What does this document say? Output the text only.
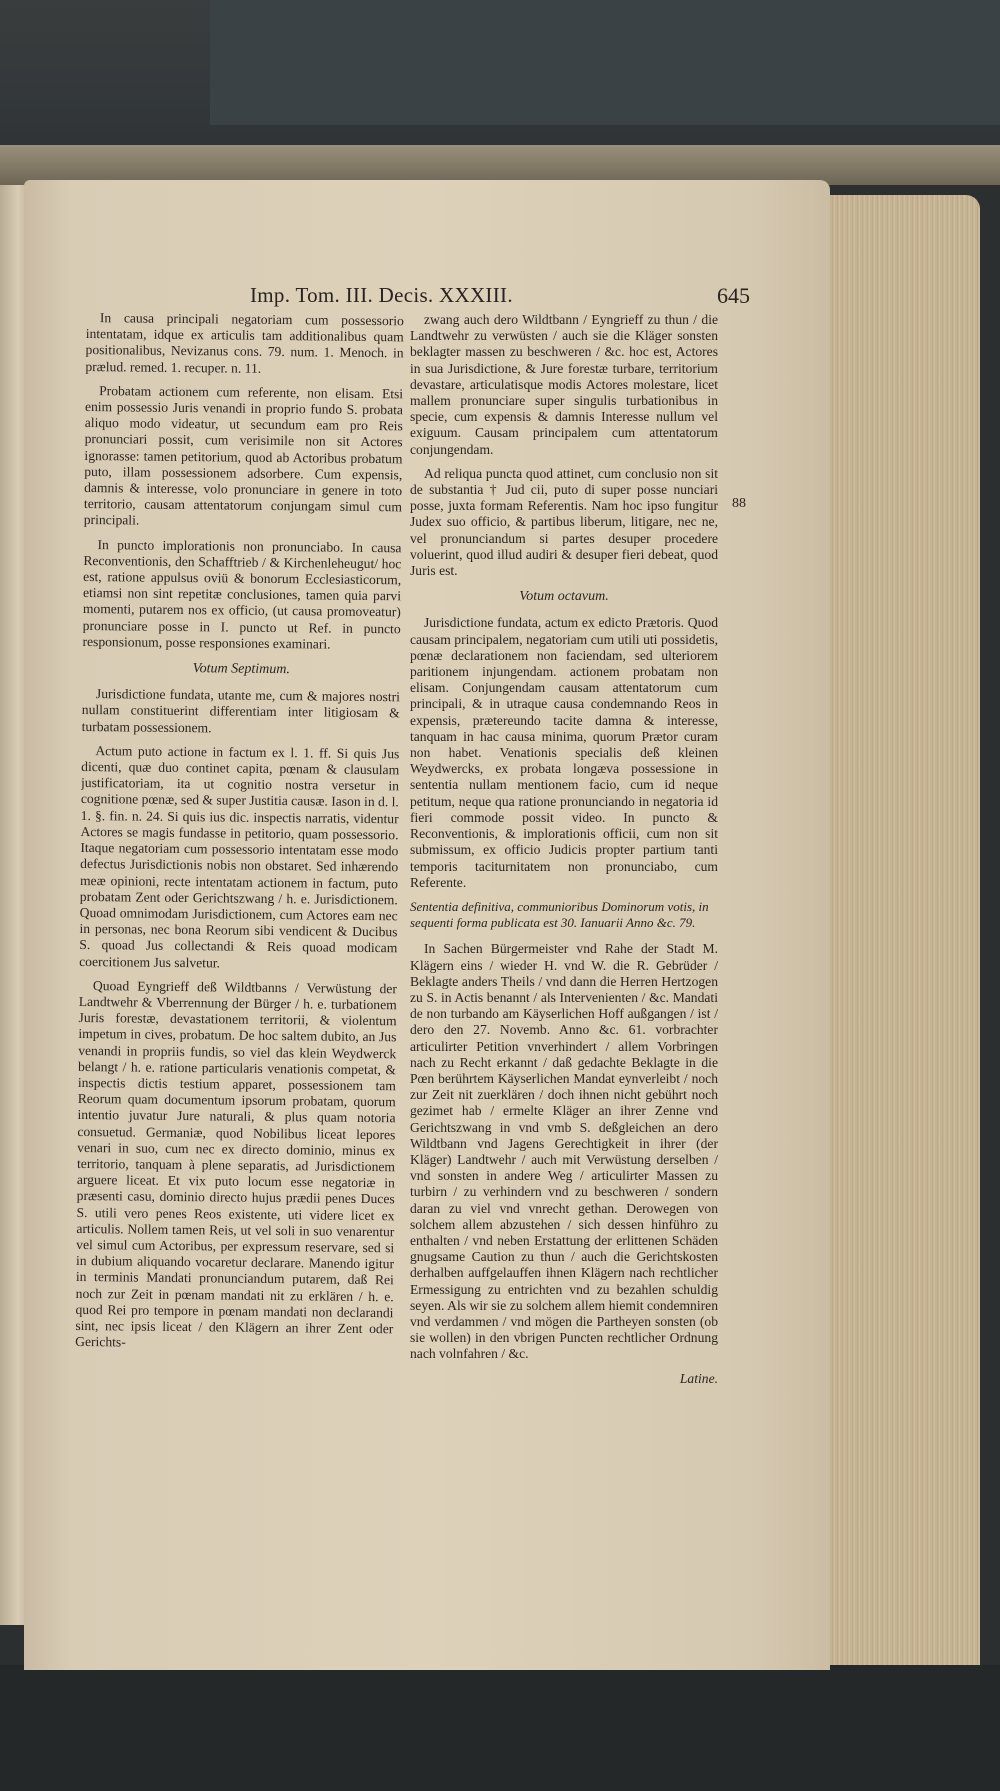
Imp. Tom. III. Decis. XXXIII.	645
88

In causa principali negatoriam cum possessorio intentatam, idque ex articulis tam additionalibus quam positionalibus, Nevizanus cons. 79. num. 1. Menoch. in prælud. remed. 1. recuper. n. 11.

Probatam actionem cum referente, non elisam. Etsi enim possessio Juris venandi in proprio fundo S. probata aliquo modo videatur, ut secundum eam pro Reis pronunciari possit, cum verisimile non sit Actores ignorasse: tamen petitorium, quod ab Actoribus probatum puto, illam possessionem adsorbere. Cum expensis, damnis & interesse, volo pronunciare in genere in toto territorio, causam attentatorum conjungam simul cum principali.

In puncto implorationis non pronunciabo. In causa Reconventionis, den Schafftrieb / & Kirchenleheugut/ hoc est, ratione appulsus oviü & bonorum Ecclesiasticorum, etiamsi non sint repetitæ conclusiones, tamen quia parvi momenti, putarem nos ex officio, (ut causa promoveatur) pronunciare posse in I. puncto ut Ref. in puncto responsionum, posse responsiones examinari.

Votum Septimum.

Jurisdictione fundata, utante me, cum & majores nostri nullam constituerint differentiam inter litigiosam & turbatam possessionem.

Actum puto actione in factum ex l. 1. ff. Si quis Jus dicenti, quæ duo continet capita, pœnam & clausulam justificatoriam, ita ut cognitio nostra versetur in cognitione pœnæ, sed & super Justitia causæ. Iason in d. l. 1. §. fin. n. 24. Si quis ius dic. inspectis narratis, videntur Actores se magis fundasse in petitorio, quam possessorio. Itaque negatoriam cum possessorio intentatam esse modo defectus Jurisdictionis nobis non obstaret. Sed inhærendo meæ opinioni, recte intentatam actionem in factum, puto probatam Zent oder Gerichtszwang / h. e. Jurisdictionem. Quoad omnimodam Jurisdictionem, cum Actores eam nec in personas, nec bona Reorum sibi vendicent & Ducibus S. quoad Jus collectandi & Reis quoad modicam coercitionem Jus salvetur.

Quoad Eyngrieff deß Wildtbanns / Verwüstung der Landtwehr & Vberrennung der Bürger / h. e. turbationem Juris forestæ, devastationem territorii, & violentum impetum in cives, probatum. De hoc saltem dubito, an Jus venandi in propriis fundis, so viel das klein Weydwerck belangt / h. e. ratione particularis venationis competat, & inspectis dictis testium apparet, possessionem tam Reorum quam documentum ipsorum probatam, quorum intentio juvatur Jure naturali, & plus quam notoria consuetud. Germaniæ, quod Nobilibus liceat lepores venari in suo, cum nec ex directo dominio, minus ex territorio, tanquam à plene separatis, ad Jurisdictionem arguere liceat. Et vix puto locum esse negatoriæ in præsenti casu, dominio directo hujus prædii penes Duces S. utili vero penes Reos existente, uti videre licet ex articulis. Nollem tamen Reis, ut vel soli in suo venarentur vel simul cum Actoribus, per expressum reservare, sed si in dubium aliquando vocaretur declarare. Manendo igitur in terminis Mandati pronunciandum putarem, daß Rei noch zur Zeit in pœnam mandati nit zu erklären / h. e. quod Rei pro tempore in pœnam mandati non declarandi sint, nec ipsis liceat / den Klägern an ihrer Zent oder Gerichts-

zwang auch dero Wildtbann / Eyngrieff zu thun / die Landtwehr zu verwüsten / auch sie die Kläger sonsten beklagter massen zu beschweren / &c. hoc est, Actores in sua Jurisdictione, & Jure forestæ turbare, territorium devastare, articulatisque modis Actores molestare, licet mallem pronunciare super singulis turbationibus in specie, cum expensis & damnis Interesse nullum vel exiguum. Causam principalem cum attentatorum conjungendam.

Ad reliqua puncta quod attinet, cum conclusio non sit de substantia † Jud cii, puto di super posse nunciari posse, juxta formam Referentis. Nam hoc ipso fungitur Judex suo officio, & partibus liberum, litigare, nec ne, vel pronunciandum si partes desuper procedere voluerint, quod illud audiri & desuper fieri debeat, quod Juris est.

Votum octavum.

Jurisdictione fundata, actum ex edicto Prætoris. Quod causam principalem, negatoriam cum utili uti possidetis, pœnæ declarationem non faciendam, sed ulteriorem paritionem injungendam. actionem probatam non elisam. Conjungendam causam attentatorum cum principali, & in utraque causa condemnando Reos in expensis, prætereundo tacite damna & interesse, tanquam in hac causa minima, quorum Prætor curam non habet. Venationis specialis deß kleinen Weydwercks, ex probata longæva possessione in sententia nullam mentionem facio, cum id neque petitum, neque qua ratione pronunciando in negatoria id fieri commode possit video. In puncto & Reconventionis, & implorationis officii, cum non sit submissum, ex officio Judicis propter partium tanti temporis taciturnitatem non pronunciabo, cum Referente.

Sententia definitiva, communioribus Dominorum votis, in sequenti forma publicata est 30. Ianuarii Anno &c. 79.

In Sachen Bürgermeister vnd Rahe der Stadt M. Klägern eins / wieder H. vnd W. die R. Gebrüder / Beklagte anders Theils / vnd dann die Herren Hertzogen zu S. in Actis benannt / als Intervenienten / &c. Mandati de non turbando am Käyserlichen Hoff außgangen / ist / dero den 27. Novemb. Anno &c. 61. vorbrachter articulirter Petition vnverhindert / allem Vorbringen nach zu Recht erkannt / daß gedachte Beklagte in die Pœn berührtem Käyserlichen Mandat eynverleibt / noch zur Zeit nit zuerklären / doch ihnen nicht gebührt noch gezimet hab / ermelte Kläger an ihrer Zenne vnd Gerichtszwang in vnd vmb S. deßgleichen an dero Wildtbann vnd Jagens Gerechtigkeit in ihrer (der Kläger) Landtwehr / auch mit Verwüstung derselben / vnd sonsten in andere Weg / articulirter Massen zu turbirn / zu verhindern vnd zu beschweren / sondern daran zu viel vnd vnrecht gethan. Derowegen von solchem allem abzustehen / sich dessen hinführo zu enthalten / vnd neben Erstattung der erlittenen Schäden gnugsame Caution zu thun / auch die Gerichtskosten derhalben auffgelauffen ihnen Klägern nach rechtlicher Ermessigung zu entrichten vnd zu bezahlen schuldig seyen. Als wir sie zu solchem allem hiemit condemniren vnd verdammen / vnd mögen die Partheyen sonsten (ob sie wollen) in den vbrigen Puncten rechtlicher Ordnung nach volnfahren / &c.

Latine.
